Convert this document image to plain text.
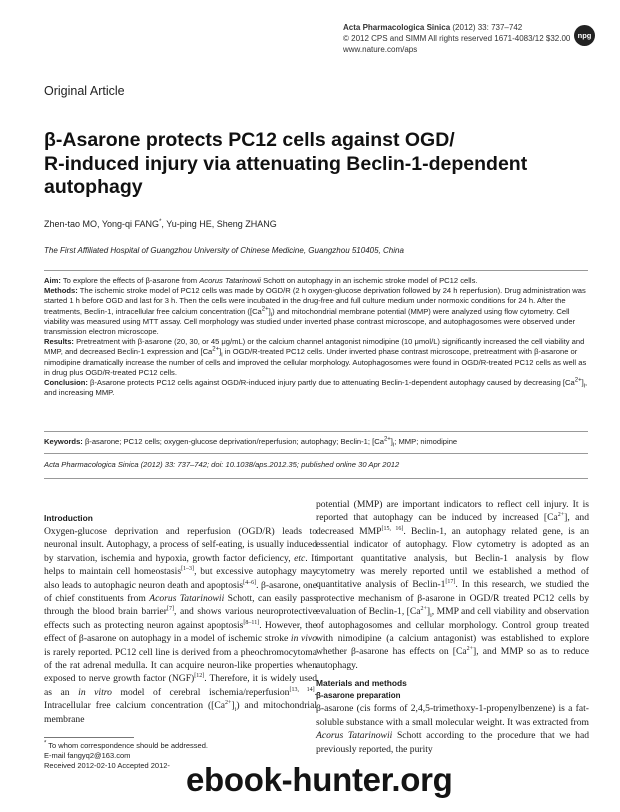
Acta Pharmacologica Sinica (2012) 33: 737–742
© 2012 CPS and SIMM All rights reserved 1671-4083/12 $32.00
www.nature.com/aps
npg
Original Article
β-Asarone protects PC12 cells against OGD/
R-induced injury via attenuating Beclin-1-dependent
autophagy
Zhen-tao MO, Yong-qi FANG*, Yu-ping HE, Sheng ZHANG
The First Affiliated Hospital of Guangzhou University of Chinese Medicine, Guangzhou 510405, China

Aim: To explore the effects of β-asarone from Acorus Tatarinowii Schott on autophagy in an ischemic stroke model of PC12 cells.

Methods: The ischemic stroke model of PC12 cells was made by OGD/R (2 h oxygen-glucose deprivation followed by 24 h reperfusion). Drug administration was started 1 h before OGD and last for 3 h. Then the cells were incubated in the drug-free and full culture medium under normoxic conditions for 24 h. After the treatments, Beclin-1, intracellular free calcium concentration $([Ca^{2+}]_i)$ and mitochondrial membrane potential (MMP) were analyzed using flow cytometry. Cell viability was measured using MTT assay. Cell morphology was studied under inverted phase contrast microscope, and autophagosomes were observed under transmission electron microscope.

Results: Pretreatment with β-asarone (20, 30, or 45 μg/mL) or the calcium channel antagonist nimodipine (10 μmol/L) significantly increased the cell viability and MMP, and decreased Beclin-1 expression and $[Ca^{2+}]_i$ in OGD/R-treated PC12 cells. Under inverted phase contrast microscope, pretreatment with β-asarone or nimodipine dramatically increase the number of cells and improved the cellular morphology. Autophagosomes were found in OGD/R-treated PC12 cells as well as in drug plus OGD/R-treated PC12 cells.

Conclusion: β-Asarone protects PC12 cells against OGD/R-induced injury partly due to attenuating Beclin-1-dependent autophagy caused by decreasing $[Ca^{2+}]_i$, and increasing MMP.

Keywords: β-asarone; PC12 cells; oxygen-glucose deprivation/reperfusion; autophagy; Beclin-1; $[Ca^{2+}]_i$; MMP; nimodipine
Acta Pharmacologica Sinica (2012) 33: 737–742; doi: 10.1038/aps.2012.35; published online 30 Apr 2012
Introduction

Oxygen-glucose deprivation and reperfusion (OGD/R) leads to neuronal insult. Autophagy, a process of self-eating, is usually induced by starvation, ischemia and hypoxia, growth factor deficiency, etc. It helps to maintain cell homeostasis[1–3], but excessive autophagy may also leads to autophagic neuron death and apoptosis[4–6]. β-asarone, one of chief constituents from Acorus Tatarinowii Schott, can easily pass through the blood brain barrier[7], and shows various neuroprotective effects such as protecting neuron against apoptosis[8–11]. However, the effect of β-asarone on autophagy in a model of ischemic stroke in vivo is rarely reported. PC12 cell line is derived from a pheochromocytoma of the rat adrenal medulla. It can acquire neuron-like properties when exposed to nerve growth factor (NGF)[12]. Therefore, it is widely used as an in vitro model of cerebral ischemia/reperfusion[13, 14]. Intracellular free calcium concentration $([Ca^{2+}]_i)$ and mitochondrial membrane

potential (MMP) are important indicators to reflect cell injury. It is reported that autophagy can be induced by increased $[Ca^{2+}]$, and decreased MMP[15, 16]. Beclin-1, an autophagy related gene, is an essential indicator of autophagy. Flow cytometry is adopted as an important quantitative analysis, but Beclin-1 analysis by flow cytometry was merely reported until we established a method of quantitative analysis of Beclin-1[17]. In this research, we studied the protective mechanism of β-asarone in OGD/R treated PC12 cells by evaluation of Beclin-1, $[Ca^{2+}]_i$, MMP and cell viability and observation of autophagosomes and cellular morphology. Control group treated with nimodipine (a calcium antagonist) was established to explore whether β-asarone has effects on $[Ca^{2+}]$, and MMP so as to reduce autophagy.

Materials and methods
β-asarone preparation

β-asarone (cis forms of 2,4,5-trimethoxy-1-propenylbenzene) is a fat-soluble substance with a small molecular weight. It was extracted from Acorus Tatarinowii Schott according to the procedure that we had previously reported, the purity

* To whom correspondence should be addressed.

E-mail fangyq2@163.com

Received 2012-02-10 Accepted 2012- ebook-hunter.org
